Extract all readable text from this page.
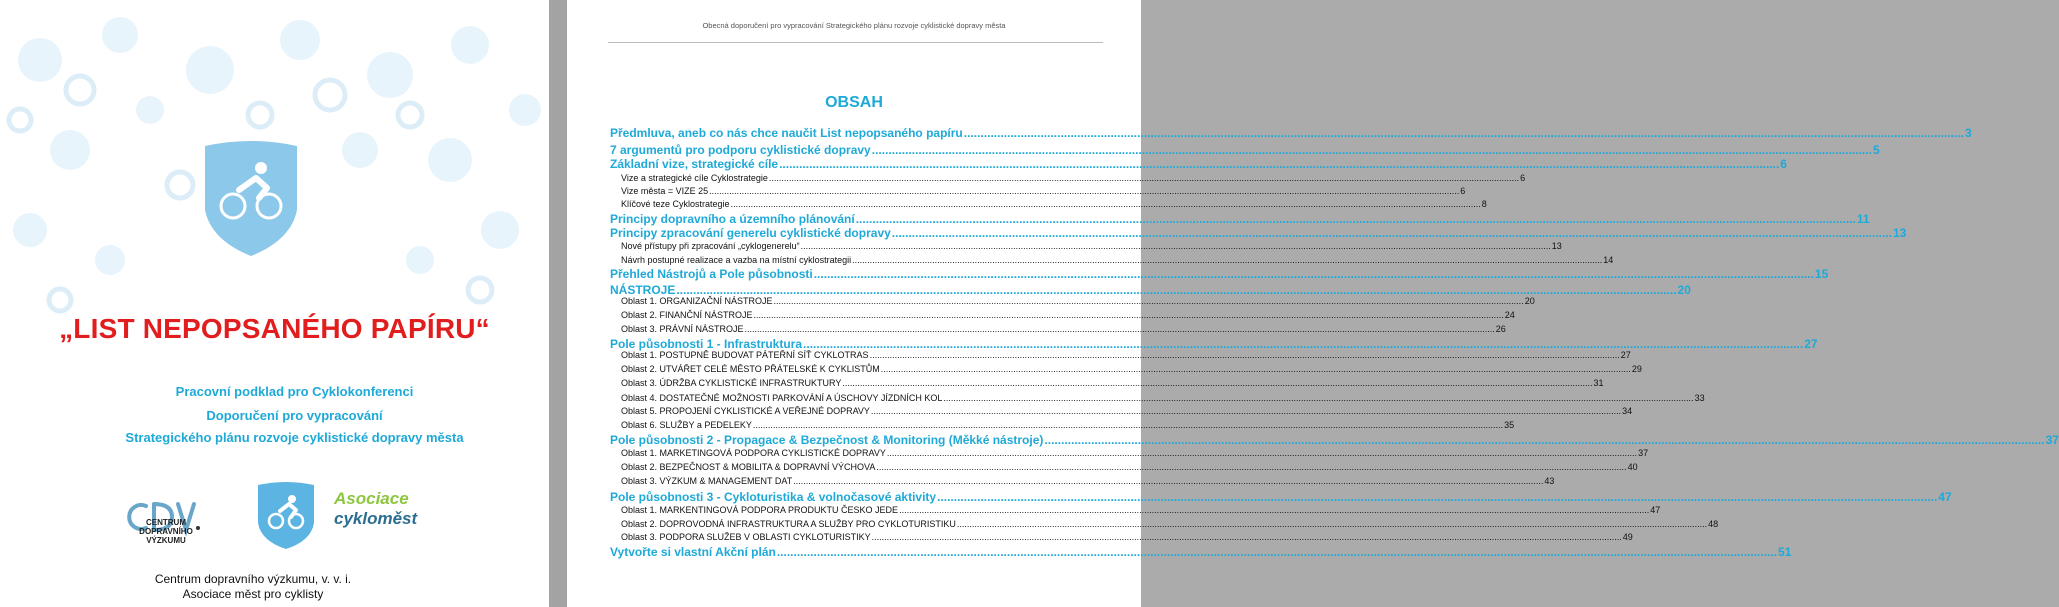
„LIST NEPOPSANÉHO PAPÍRU“
Pracovní podklad pro Cyklokonferenci
Doporučení pro vypracování
Strategického plánu rozvoje cyklistické dopravy města
CENTRUM
DOPRAVNÍHO
VÝZKUMU
Asociace
cykloměst
Centrum dopravního výzkumu, v. v. i.
Asociace měst pro cyklisty
Obecná doporučení pro vypracování Strategického plánu rozvoje cyklistické dopravy města
OBSAH
Předmluva, aneb co nás chce naučit List nepopsaného papíru ............................................................................................................................................................................................................................................................................................................ 3
7 argumentů pro podporu cyklistické dopravy ............................................................................................................................................................................................................................................................................................................ 5
Základní vize, strategické cíle ............................................................................................................................................................................................................................................................................................................ 6
Vize a strategické cíle Cyklostrategie ............................................................................................................................................................................................................................................................................................................ 6
Vize města = VIZE 25 ............................................................................................................................................................................................................................................................................................................ 6
Klíčové teze Cyklostrategie ............................................................................................................................................................................................................................................................................................................ 8
Principy dopravního a územního plánování ............................................................................................................................................................................................................................................................................................................ 11
Principy zpracování generelu cyklistické dopravy ............................................................................................................................................................................................................................................................................................................ 13
Nové přístupy při zpracování „cyklogenerelu“ ............................................................................................................................................................................................................................................................................................................ 13
Návrh postupné realizace a vazba na místní cyklostrategii ............................................................................................................................................................................................................................................................................................................ 14
Přehled Nástrojů a Pole působnosti ............................................................................................................................................................................................................................................................................................................ 15
NÁSTROJE ............................................................................................................................................................................................................................................................................................................ 20
Oblast 1. ORGANIZAČNÍ NÁSTROJE ............................................................................................................................................................................................................................................................................................................ 20
Oblast 2. FINANČNÍ NÁSTROJE ............................................................................................................................................................................................................................................................................................................ 24
Oblast 3. PRÁVNÍ NÁSTROJE ............................................................................................................................................................................................................................................................................................................ 26
Pole působnosti 1 - Infrastruktura ............................................................................................................................................................................................................................................................................................................ 27
Oblast 1. POSTUPNĚ BUDOVAT PÁTEŘNÍ SÍŤ CYKLOTRAS ............................................................................................................................................................................................................................................................................................................ 27
Oblast 2. UTVÁŘET CELÉ MĚSTO PŘÁTELSKÉ K CYKLISTŮM ............................................................................................................................................................................................................................................................................................................ 29
Oblast 3. ÚDRŽBA CYKLISTICKÉ INFRASTRUKTURY ............................................................................................................................................................................................................................................................................................................ 31
Oblast 4. DOSTATEČNÉ MOŽNOSTI PARKOVÁNÍ A ÚSCHOVY JÍZDNÍCH KOL ............................................................................................................................................................................................................................................................................................................ 33
Oblast 5. PROPOJENÍ CYKLISTICKÉ A VEŘEJNÉ DOPRAVY ............................................................................................................................................................................................................................................................................................................ 34
Oblast 6. SLUŽBY a PEDELEKY ............................................................................................................................................................................................................................................................................................................ 35
Pole působnosti 2 - Propagace & Bezpečnost & Monitoring (Měkké nástroje) ............................................................................................................................................................................................................................................................................................................ 37
Oblast 1. MARKETINGOVÁ PODPORA CYKLISTICKÉ DOPRAVY ............................................................................................................................................................................................................................................................................................................ 37
Oblast 2. BEZPEČNOST & MOBILITA & DOPRAVNÍ VÝCHOVA ............................................................................................................................................................................................................................................................................................................ 40
Oblast 3. VÝZKUM & MANAGEMENT DAT ............................................................................................................................................................................................................................................................................................................ 43
Pole působnosti 3 - Cykloturistika & volnočasové aktivity ............................................................................................................................................................................................................................................................................................................ 47
Oblast 1. MARKENTINGOVÁ PODPORA PRODUKTU ČESKO JEDE ............................................................................................................................................................................................................................................................................................................ 47
Oblast 2. DOPROVODNÁ INFRASTRUKTURA A SLUŽBY PRO CYKLOTURISTIKU ............................................................................................................................................................................................................................................................................................................ 48
Oblast 3. PODPORA SLUŽEB V OBLASTI CYKLOTURISTIKY ............................................................................................................................................................................................................................................................................................................ 49
Vytvořte si vlastní Akční plán ............................................................................................................................................................................................................................................................................................................ 51
